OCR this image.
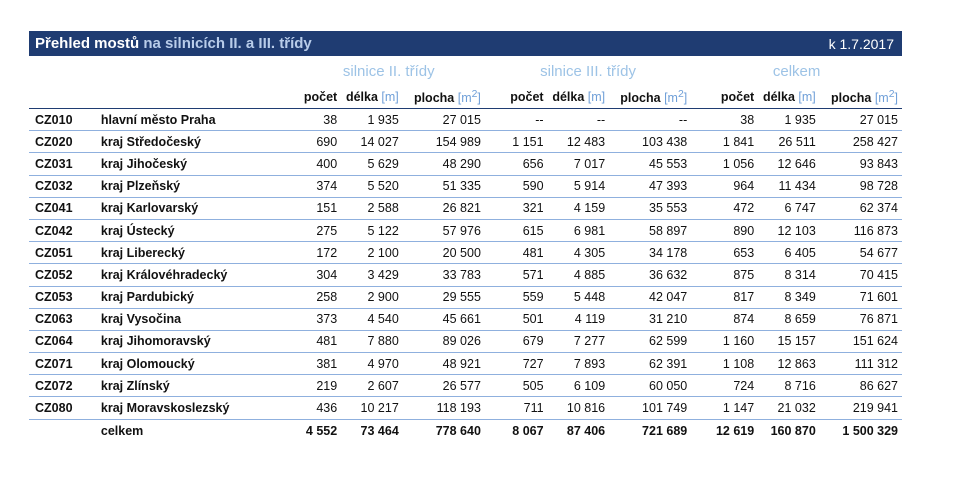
Přehled mostů na silnicích II. a III. třídy	k 1.7.2017
		silnice II. třídy			silnice III. třídy			celkem		
		počet	délka [m]	plocha $[m^2]$	počet	délka [m]	plocha $[m^2]$	počet	délka [m]	plocha $[m^2]$
CZ010	hlavní město Praha	38	1 935	27 015	--	--	--	38	1 935	27 015
CZ020	kraj Středočeský	690	14 027	154 989	1 151	12 483	103 438	1 841	26 511	258 427
CZ031	kraj Jihočeský	400	5 629	48 290	656	7 017	45 553	1 056	12 646	93 843
CZ032	kraj Plzeňský	374	5 520	51 335	590	5 914	47 393	964	11 434	98 728
CZ041	kraj Karlovarský	151	2 588	26 821	321	4 159	35 553	472	6 747	62 374
CZ042	kraj Ústecký	275	5 122	57 976	615	6 981	58 897	890	12 103	116 873
CZ051	kraj Liberecký	172	2 100	20 500	481	4 305	34 178	653	6 405	54 677
CZ052	kraj Královéhradecký	304	3 429	33 783	571	4 885	36 632	875	8 314	70 415
CZ053	kraj Pardubický	258	2 900	29 555	559	5 448	42 047	817	8 349	71 601
CZ063	kraj Vysočina	373	4 540	45 661	501	4 119	31 210	874	8 659	76 871
CZ064	kraj Jihomoravský	481	7 880	89 026	679	7 277	62 599	1 160	15 157	151 624
CZ071	kraj Olomoucký	381	4 970	48 921	727	7 893	62 391	1 108	12 863	111 312
CZ072	kraj Zlínský	219	2 607	26 577	505	6 109	60 050	724	8 716	86 627
CZ080	kraj Moravskoslezský	436	10 217	118 193	711	10 816	101 749	1 147	21 032	219 941
	celkem	4 552	73 464	778 640	8 067	87 406	721 689	12 619	160 870	1 500 329
